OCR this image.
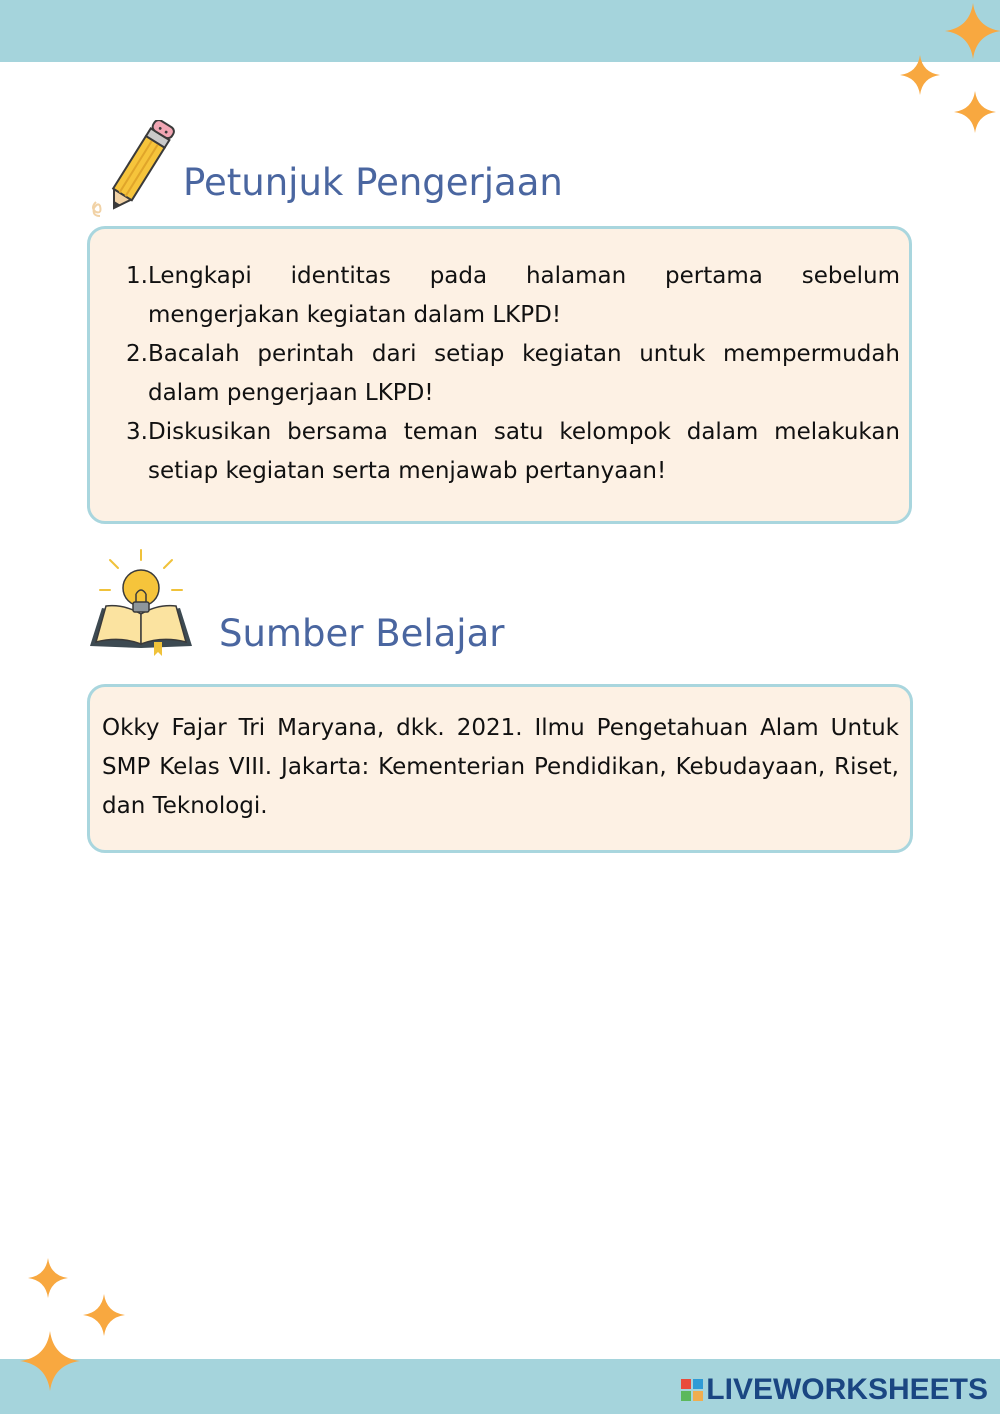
Petunjuk Pengerjaan
1. Lengkapi identitas pada halaman pertama sebelum mengerjakan kegiatan dalam LKPD!
2. Bacalah perintah dari setiap kegiatan untuk mempermudah dalam pengerjaan LKPD!
3. Diskusikan bersama teman satu kelompok dalam melakukan setiap kegiatan serta menjawab pertanyaan!
Sumber Belajar

Okky Fajar Tri Maryana, dkk. 2021. Ilmu Pengetahuan Alam Untuk SMP Kelas VIII. Jakarta: Kementerian Pendidikan, Kebudayaan, Riset, dan Teknologi.

LIVEWORKSHEETS
